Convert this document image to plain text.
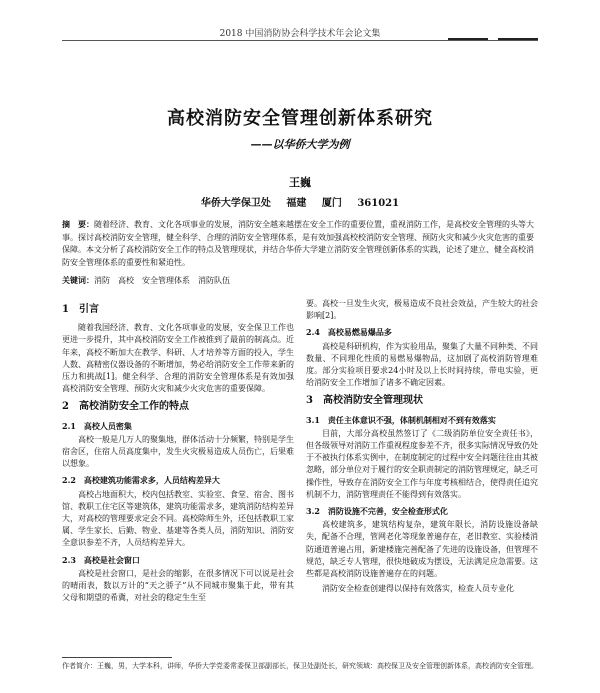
2018 中国消防协会科学技术年会论文集
高校消防安全管理创新体系研究
——以华侨大学为例
王巍
华侨大学保卫处 福建 厦门 361021
摘　要：随着经济、教育、文化各项事业的发展，消防安全越来越摆在安全工作的重要位置，重视消防工作，是高校安全管理的头等大事。探讨高校消防安全管理，健全科学、合理的消防安全管理体系，是有效加强高校校消防安全管理、预防火灾和减少火灾危害的重要保障。本文分析了高校消防安全工作的特点及管理现状，并结合华侨大学建立消防安全管理创新体系的实践，论述了建立、健全高校消防安全管理体系的重要性和紧迫性。
关键词：消防　高校　安全管理体系　消防队伍
1　引言

随着我国经济、教育、文化各项事业的发展，安全保卫工作也更进一步提升，其中高校消防安全工作被推到了最前的制高点。近年来，高校不断加大在教学、科研、人才培养等方面的投入，学生人数、高精密仪器设备的不断增加，势必给消防安全工作带来新的压力和挑战[1]。健全科学、合理的消防安全管理体系是有效加强高校消防安全管理、预防火灾和减少火灾危害的重要保障。

2　高校消防安全工作的特点
2.1　高校人员密集

高校一般是几万人的聚集地，群体活动十分频繁，特别是学生宿舍区，住宿人员高度集中，发生火灾极易造成人员伤亡，后果难以想象。

2.2　高校建筑功能需求多，人员结构差异大

高校占地面积大，校内包括教室、实验室、食堂、宿舍、图书馆、教职工住宅区等建筑体，建筑功能需求多，建筑消防结构差异大，对高校的管理要求定会不同。高校除师生外，还包括教职工家属、学生家长、后勤、物业、基建等各类人员，消防知识、消防安全意识参差不齐，人员结构差异大。

2.3　高校是社会窗口

高校是社会窗口，是社会的缩影，在很多情况下可以说是社会的晴雨表，数以万计的“天之骄子”从不同城市聚集于此，带有其父母和期望的希冀，对社会的稳定生生至

要。高校一旦发生火灾，极易造成不良社会效益，产生较大的社会影响[2]。

2.4　高校易燃易爆品多

高校是科研机构，作为实验用品，聚集了大量不同种类、不同数量、不同理化性质的易燃易爆物品，这加剧了高校消防管理难度。部分实验项目要求24小时及以上长时间持续，带电实验，更给消防安全工作增加了诸多不确定因素。

3　高校消防安全管理现状
3.1　责任主体意识不强，体制机制相对不到有效落实

目前，大部分高校虽然签订了《二级消防单位安全责任书》，但各级领导对消防工作重视程度参差不齐，很多实际情况导致仍处于不被执行体系实例中，在制度制定的过程中安全问题往往由其被忽略，部分单位对于履行的安全职责制定的消防管理规定，缺乏可操作性，导致存在消防安全工作与年度考核相结合，使得责任追究机制不力，消防管理责任不能得到有效落实。

3.2　消防设施不完善，安全检查形式化

高校建筑多，建筑结构复杂，建筑年限长，消防设施设备缺失，配备不合理，管网老化等现象普遍存在，老旧教室、实验楼消防通道普遍占用，新建楼施完善配备了先进的设施设备，但管理不规范，缺乏专人管理，很快地破成为摆设，无法满足应急需要。这些都是高校消防设施普遍存在的问题。

消防安全检查创建得以保持有效落实，检查人员专业化

作者简介：王巍，男，大学本科，讲师，华侨大学党委常委保卫部副部长，保卫处副处长，研究领域：高校保卫及安全管理创新体系，高校消防安全管理。
